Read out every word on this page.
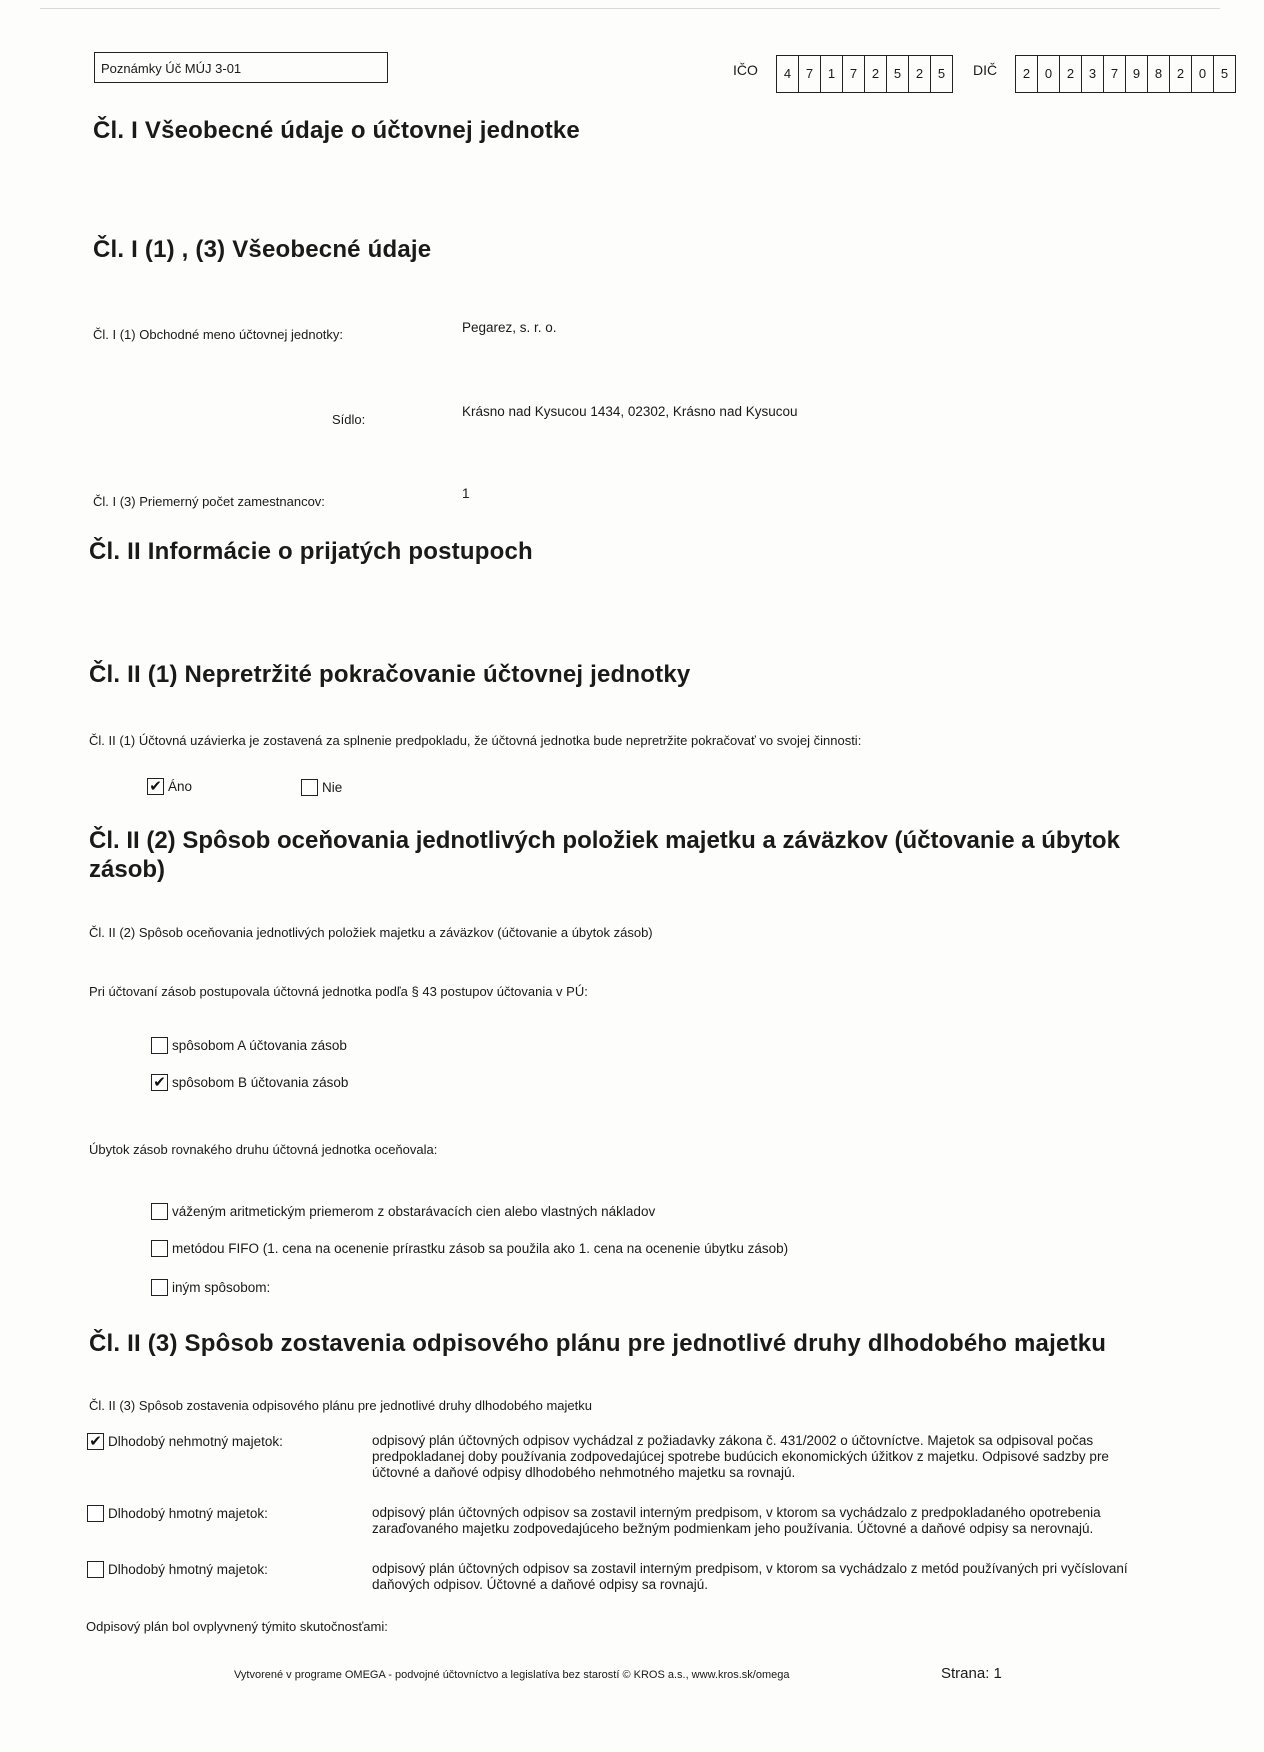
Poznámky Úč MÚJ 3-01	IČO	4	7	1	7	2	5	2	5	DIČ	2	0	2	3	7	9	8	2	0	5
Čl. I Všeobecné údaje o účtovnej jednotke
Čl. I (1) , (3) Všeobecné údaje
Čl. I (1) Obchodné meno účtovnej jednotky:	Pegarez, s. r. o.
Sídlo:
Krásno nad Kysucou 1434, 02302, Krásno nad Kysucou
Čl. I (3) Priemerný počet zamestnancov:
1
Čl. II Informácie o prijatých postupoch
Čl. II (1) Nepretržité pokračovanie účtovnej jednotky
Čl. II (1) Účtovná uzávierka je zostavená za splnenie predpokladu, že účtovná jednotka bude nepretržite pokračovať vo svojej činnosti:
✔ Áno	Nie
Čl. II (2) Spôsob oceňovania jednotlivých položiek majetku a záväzkov (účtovanie a úbytok
zásob)
Čl. II (2) Spôsob oceňovania jednotlivých položiek majetku a záväzkov (účtovanie a úbytok zásob)
Pri účtovaní zásob postupovala účtovná jednotka podľa § 43 postupov účtovania v PÚ:
spôsobom A účtovania zásob
✔ spôsobom B účtovania zásob
Úbytok zásob rovnakého druhu účtovná jednotka oceňovala:
váženým aritmetickým priemerom z obstarávacích cien alebo vlastných nákladov
metódou FIFO (1. cena na ocenenie prírastku zásob sa použila ako 1. cena na ocenenie úbytku zásob)
iným spôsobom:
Čl. II (3) Spôsob zostavenia odpisového plánu pre jednotlivé druhy dlhodobého majetku
Čl. II (3) Spôsob zostavenia odpisového plánu pre jednotlivé druhy dlhodobého majetku
✔ Dlhodobý nehmotný majetok:	odpisový plán účtovných odpisov vychádzal z požiadavky zákona č. 431/2002 o účtovníctve. Majetok sa odpisoval počas
predpokladanej doby používania zodpovedajúcej spotrebe budúcich ekonomických úžitkov z majetku. Odpisové sadzby pre
účtovné a daňové odpisy dlhodobého nehmotného majetku sa rovnajú.
Dlhodobý hmotný majetok:	odpisový plán účtovných odpisov sa zostavil interným predpisom, v ktorom sa vychádzalo z predpokladaného opotrebenia
zaraďovaného majetku zodpovedajúceho bežným podmienkam jeho používania. Účtovné a daňové odpisy sa nerovnajú.
Dlhodobý hmotný majetok:	odpisový plán účtovných odpisov sa zostavil interným predpisom, v ktorom sa vychádzalo z metód používaných pri vyčíslovaní
daňových odpisov. Účtovné a daňové odpisy sa rovnajú.
Odpisový plán bol ovplyvnený týmito skutočnosťami:
Vytvorené v programe OMEGA - podvojné účtovníctvo a legislatíva bez starostí © KROS a.s., www.kros.sk/omega	Strana: 1
